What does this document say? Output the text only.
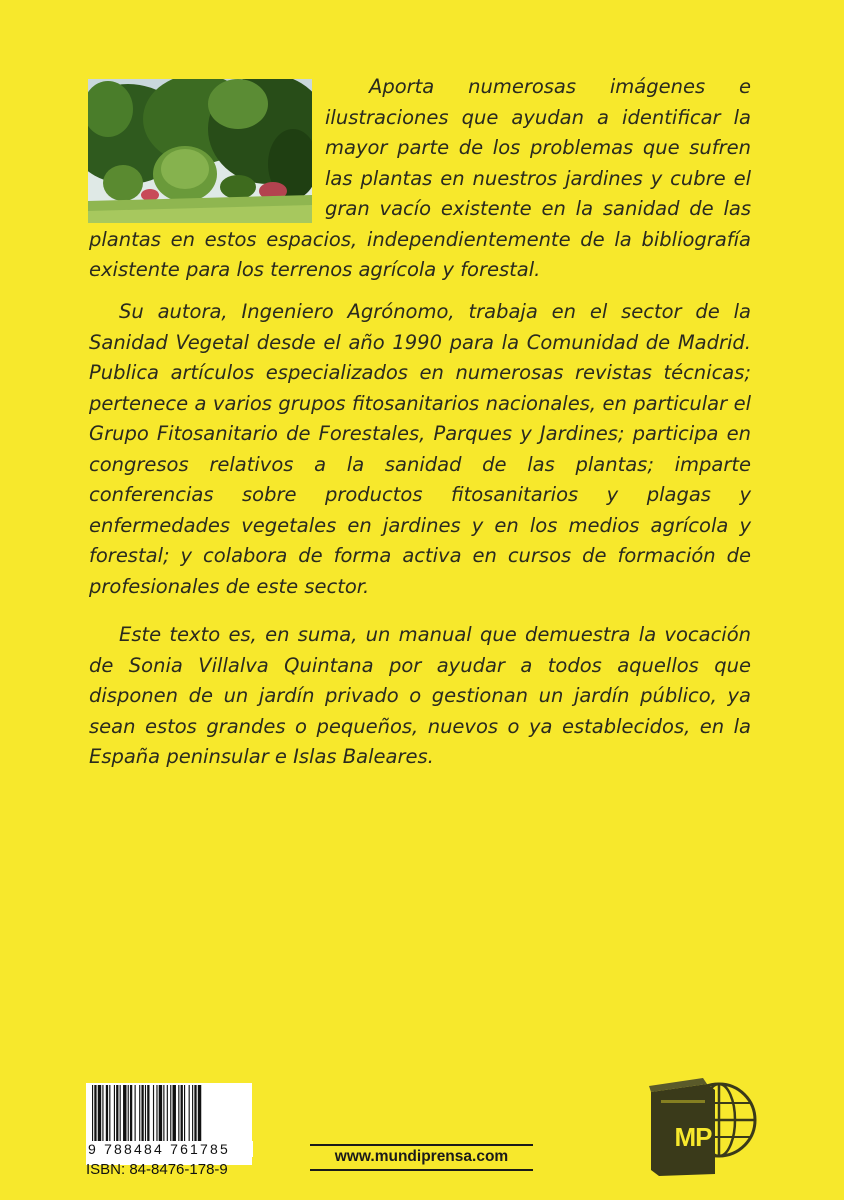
Aporta numerosas imágenes e ilustraciones que ayudan a identificar la mayor parte de los problemas que sufren las plantas en nuestros jardines y cubre el gran vacío existente en la sanidad de las plantas en estos espacios, independientemente de la bibliografía existente para los terrenos agrícola y forestal.

Su autora, Ingeniero Agrónomo, trabaja en el sector de la Sanidad Vegetal desde el año 1990 para la Comunidad de Madrid. Publica artículos especializados en numerosas revistas técnicas; pertenece a varios grupos fitosanitarios nacionales, en particular el Grupo Fitosanitario de Forestales, Parques y Jardines; participa en congresos relativos a la sanidad de las plantas; imparte conferencias sobre productos fitosanitarios y plagas y enfermedades vegetales en jardines y en los medios agrícola y forestal; y colabora de forma activa en cursos de formación de profesionales de este sector.

Este texto es, en suma, un manual que demuestra la vocación de Sonia Villalva Quintana por ayudar a todos aquellos que disponen de un jardín privado o gestionan un jardín público, ya sean estos grandes o pequeños, nuevos o ya establecidos, en la España peninsular e Islas Baleares.

9 788484 761785
ISBN: 84-8476-178-9
www.mundiprensa.com
MP
